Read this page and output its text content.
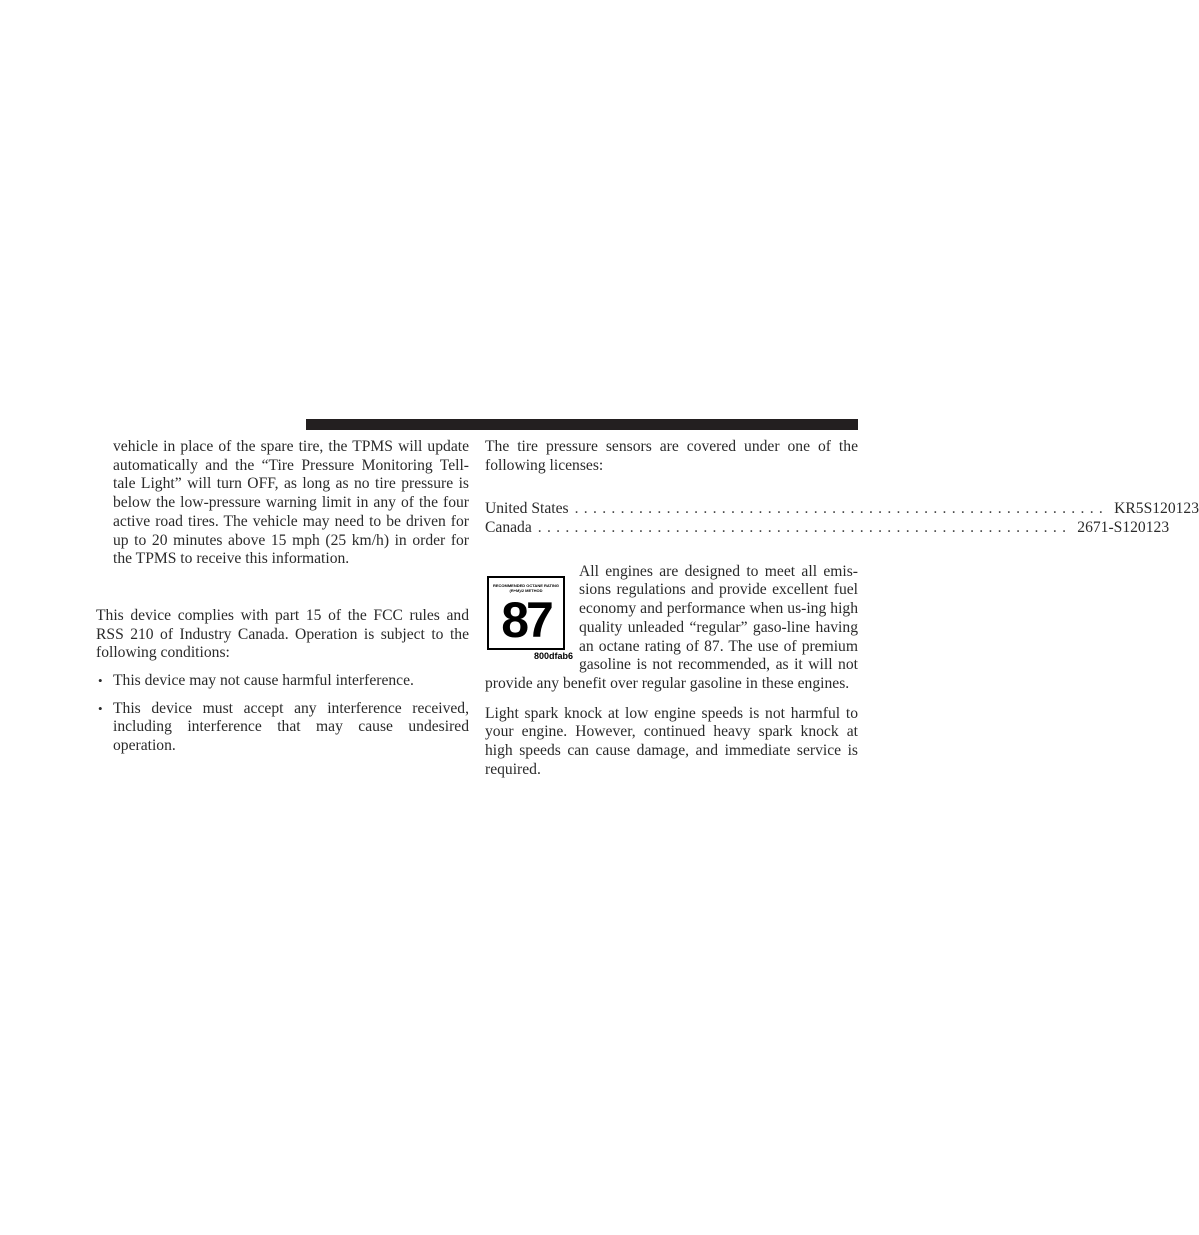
vehicle in place of the spare tire, the TPMS will update automatically and the “Tire Pressure Monitoring Tell-tale Light” will turn OFF, as long as no tire pressure is below the low-pressure warning limit in any of the four active road tires. The vehicle may need to be driven for up to 20 minutes above 15 mph (25 km/h) in order for the TPMS to receive this information.

This device complies with part 15 of the FCC rules and RSS 210 of Industry Canada. Operation is subject to the following conditions:

• This device may not cause harmful interference.
• This device must accept any interference received, including interference that may cause undesired operation.

The tire pressure sensors are covered under one of the following licenses:

United States .......................................................... KR5S120123
Canada .......................................................... 2671-S120123
RECOMMENDED OCTANE RATING (R+M)/2 METHOD
87
800dfab6

All engines are designed to meet all emis-sions regulations and provide excellent fuel economy and performance when us-ing high quality unleaded “regular” gaso-line having an octane rating of 87. The use of premium gasoline is not recommended, as it will not provide any benefit over regular gasoline in these engines.

Light spark knock at low engine speeds is not harmful to your engine. However, continued heavy spark knock at high speeds can cause damage, and immediate service is required.
